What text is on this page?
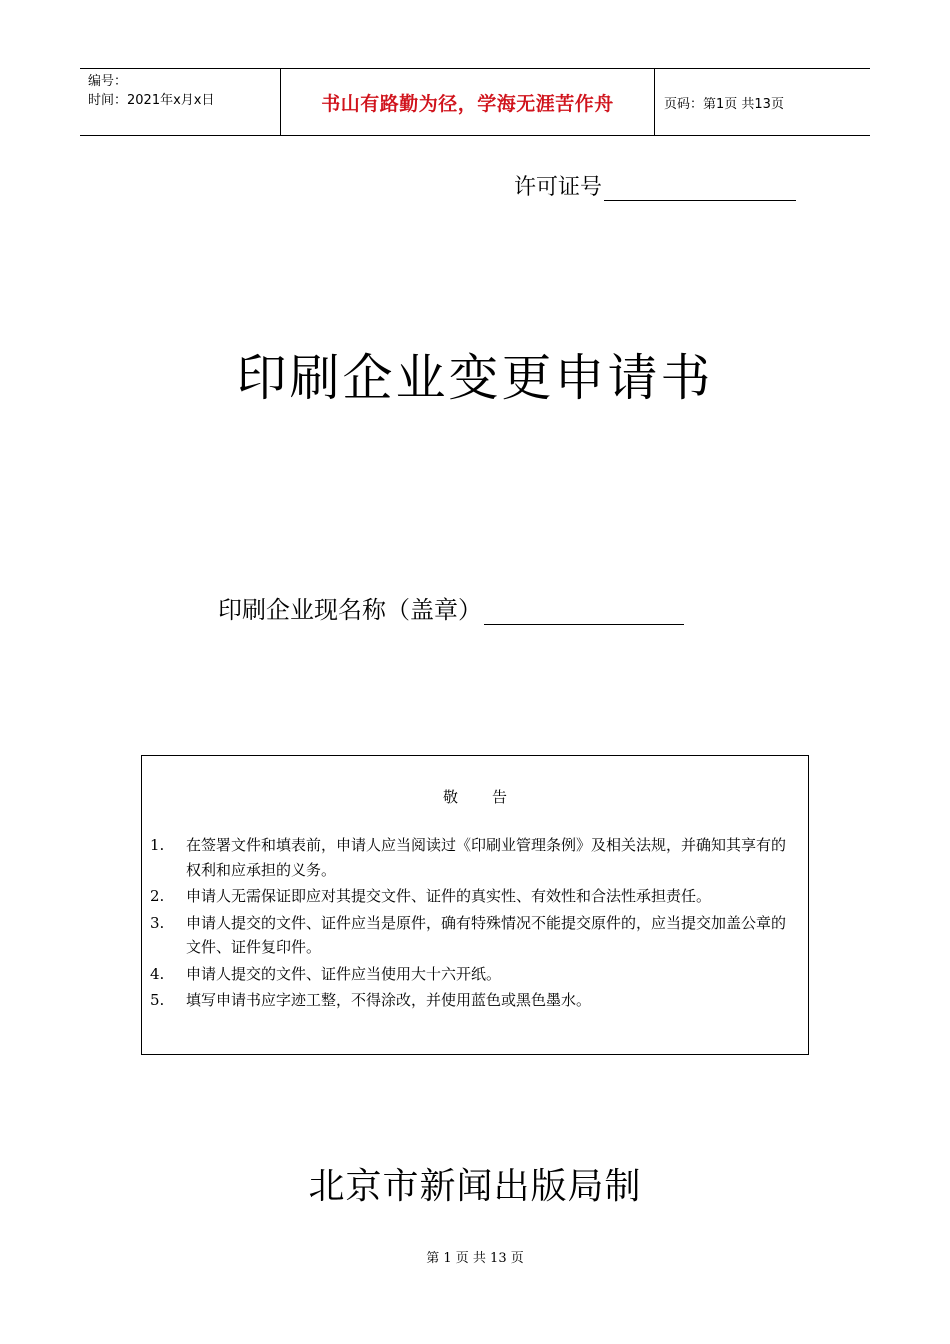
编号：
时间：2021年x月x日	书山有路勤为径，学海无涯苦作舟	页码：第1页 共13页
许可证号
印刷企业变更申请书
印刷企业现名称（盖章）
敬告
1. 在签署文件和填表前，申请人应当阅读过《印刷业管理条例》及相关法规，并确知其享有的权利和应承担的义务。
2. 申请人无需保证即应对其提交文件、证件的真实性、有效性和合法性承担责任。
3. 申请人提交的文件、证件应当是原件，确有特殊情况不能提交原件的，应当提交加盖公章的文件、证件复印件。
4. 申请人提交的文件、证件应当使用大十六开纸。
5. 填写申请书应字迹工整，不得涂改，并使用蓝色或黑色墨水。
北京市新闻出版局制
第 1 页 共 13 页
